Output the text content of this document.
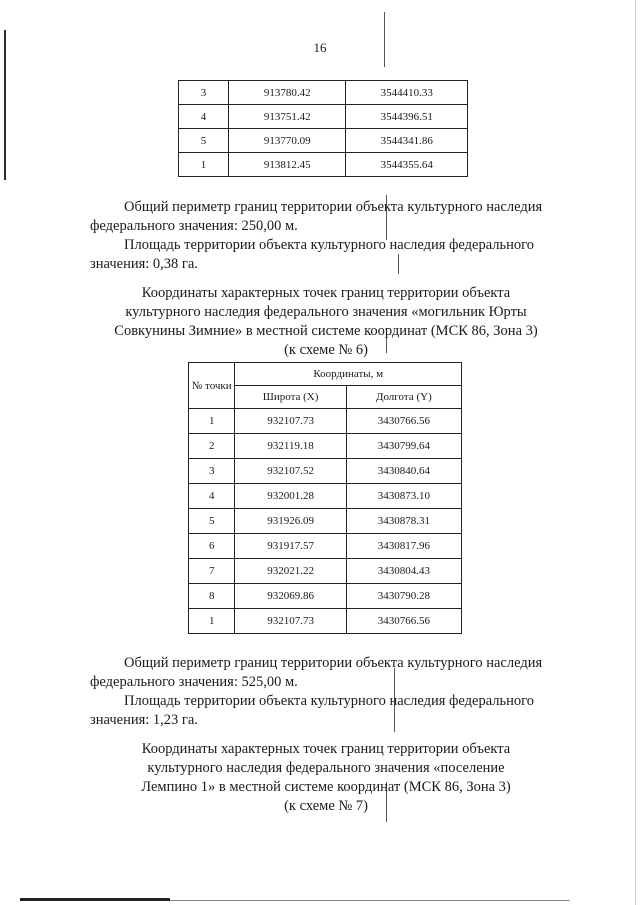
16
3	913780.42	3544410.33
4	913751.42	3544396.51
5	913770.09	3544341.86
1	913812.45	3544355.64
Общий периметр границ территории объекта культурного наследия
федерального значения: 250,00 м.
Площадь территории объекта культурного наследия федерального
значения: 0,38 га.
Координаты характерных точек границ территории объекта
культурного наследия федерального значения «могильник Юрты
Совкунины Зимние» в местной системе координат (МСК 86, Зона 3)
(к схеме № 6)
№ точки	Координаты, м	
	Широта (Х)	Долгота (Y)
1	932107.73	3430766.56
2	932119.18	3430799.64
3	932107.52	3430840.64
4	932001.28	3430873.10
5	931926.09	3430878.31
6	931917.57	3430817.96
7	932021.22	3430804.43
8	932069.86	3430790.28
1	932107.73	3430766.56
Общий периметр границ территории объекта культурного наследия
федерального значения: 525,00 м.
Площадь территории объекта культурного наследия федерального
значения: 1,23 га.
Координаты характерных точек границ территории объекта
культурного наследия федерального значения «поселение
Лемпино 1» в местной системе координат (МСК 86, Зона 3)
(к схеме № 7)
